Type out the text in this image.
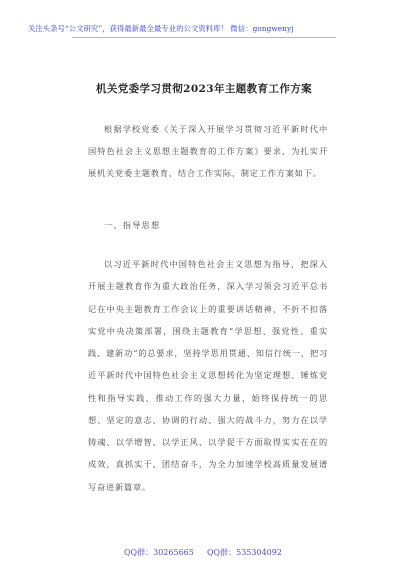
关注头条号“公文研究”，获得最新最全最专业的公文资料库！ 微信：gongwenyj
机关党委学习贯彻2023年主题教育工作方案
根据学校党委《关于深入开展学习贯彻习近平新时代中国特色社会主义思想主题教育的工作方案》要求，为扎实开展机关党委主题教育，结合工作实际，制定工作方案如下。
一、指导思想
以习近平新时代中国特色社会主义思想为指导，把深入开展主题教育作为重大政治任务，深入学习领会习近平总书记在中央主题教育工作会议上的重要讲话精神，不折不扣落实党中央决策部署，围绕主题教育“学思想、强党性、重实践、建新功”的总要求，坚持学思用贯通、知信行统一，把习近平新时代中国特色社会主义思想转化为坚定理想、锤炼党性和指导实践、推动工作的强大力量，始终保持统一的思想、坚定的意志、协调的行动、强大的战斗力，努力在以学铸魂、以学增智、以学正风、以学促干方面取得实实在在的成效，真抓实干、团结奋斗，为全力加速学校高质量发展谱写奋进新篇章。
QQ群：30265665 QQ群：535304092
